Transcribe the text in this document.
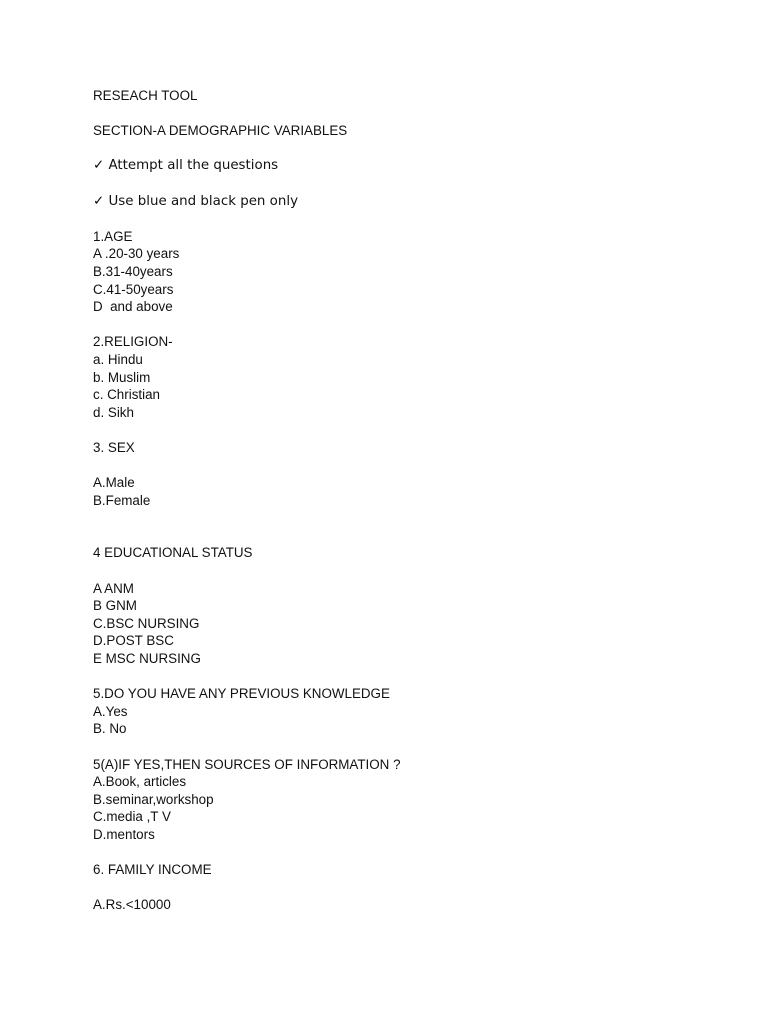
RESEACH TOOL
SECTION-A DEMOGRAPHIC VARIABLES
✓ Attempt all the questions
✓ Use blue and black pen only
1.AGE
A .20-30 years
B.31-40years
C.41-50years
D  and above
2.RELIGION-
a. Hindu
b. Muslim
c. Christian
d. Sikh
3. SEX
A.Male
B.Female
4 EDUCATIONAL STATUS
A ANM
B GNM
C.BSC NURSING
D.POST BSC
E MSC NURSING
5.DO YOU HAVE ANY PREVIOUS KNOWLEDGE
A.Yes
B. No
5(A)IF YES,THEN SOURCES OF INFORMATION ?
A.Book, articles
B.seminar,workshop
C.media ,T V
D.mentors
6. FAMILY INCOME
A.Rs.<10000
